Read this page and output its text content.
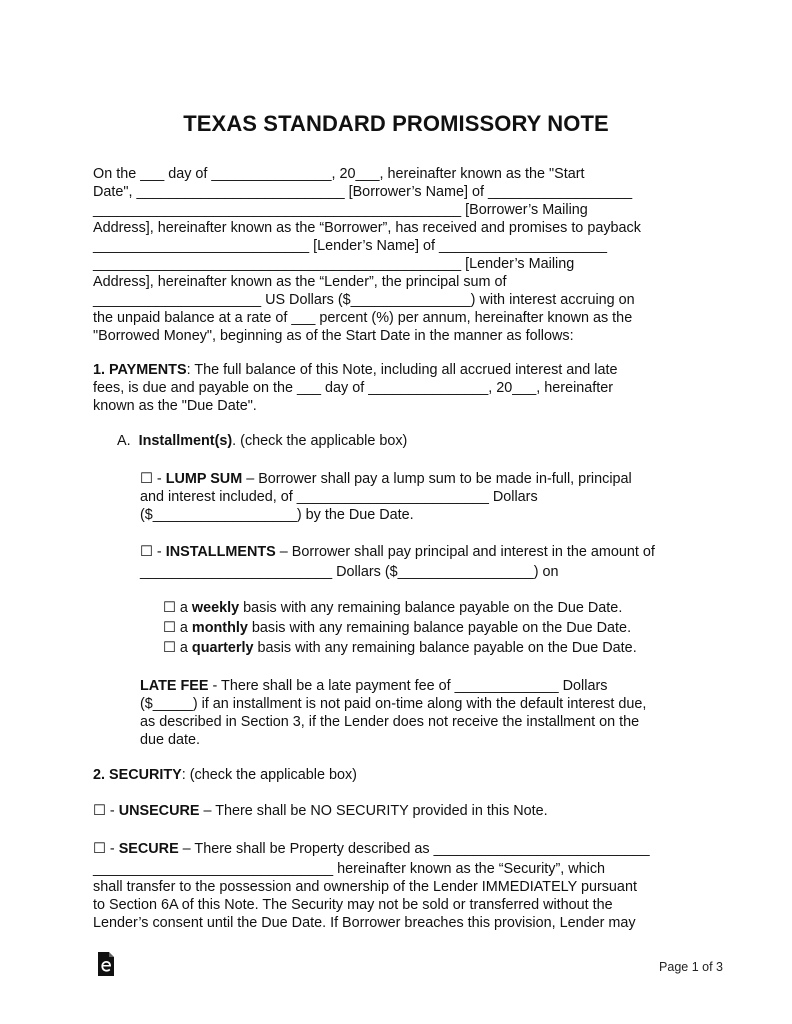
TEXAS STANDARD PROMISSORY NOTE
On the ___ day of _______________, 20___, hereinafter known as the "Start
Date", __________________________ [Borrower’s Name] of __________________
______________________________________________ [Borrower’s Mailing
Address], hereinafter known as the “Borrower”, has received and promises to payback
___________________________ [Lender’s Name] of _____________________
______________________________________________ [Lender’s Mailing
Address], hereinafter known as the “Lender”, the principal sum of
_____________________ US Dollars ($_______________) with interest accruing on
the unpaid balance at a rate of ___ percent (%) per annum, hereinafter known as the
"Borrowed Money", beginning as of the Start Date in the manner as follows:
1. PAYMENTS: The full balance of this Note, including all accrued interest and late
fees, is due and payable on the ___ day of _______________, 20___, hereinafter
known as the "Due Date".
A. Installment(s). (check the applicable box)
☐ - LUMP SUM – Borrower shall pay a lump sum to be made in-full, principal
and interest included, of ________________________ Dollars
($__________________) by the Due Date.
☐ - INSTALLMENTS – Borrower shall pay principal and interest in the amount of
________________________ Dollars ($_________________) on
☐ a weekly basis with any remaining balance payable on the Due Date.
☐ a monthly basis with any remaining balance payable on the Due Date.
☐ a quarterly basis with any remaining balance payable on the Due Date.
LATE FEE - There shall be a late payment fee of _____________ Dollars
($_____) if an installment is not paid on-time along with the default interest due,
as described in Section 3, if the Lender does not receive the installment on the
due date.
2. SECURITY: (check the applicable box)
☐ - UNSECURE – There shall be NO SECURITY provided in this Note.
☐ - SECURE – There shall be Property described as ___________________________
______________________________ hereinafter known as the “Security”, which
shall transfer to the possession and ownership of the Lender IMMEDIATELY pursuant
to Section 6A of this Note. The Security may not be sold or transferred without the
Lender’s consent until the Due Date. If Borrower breaches this provision, Lender may
Page 1 of 3
